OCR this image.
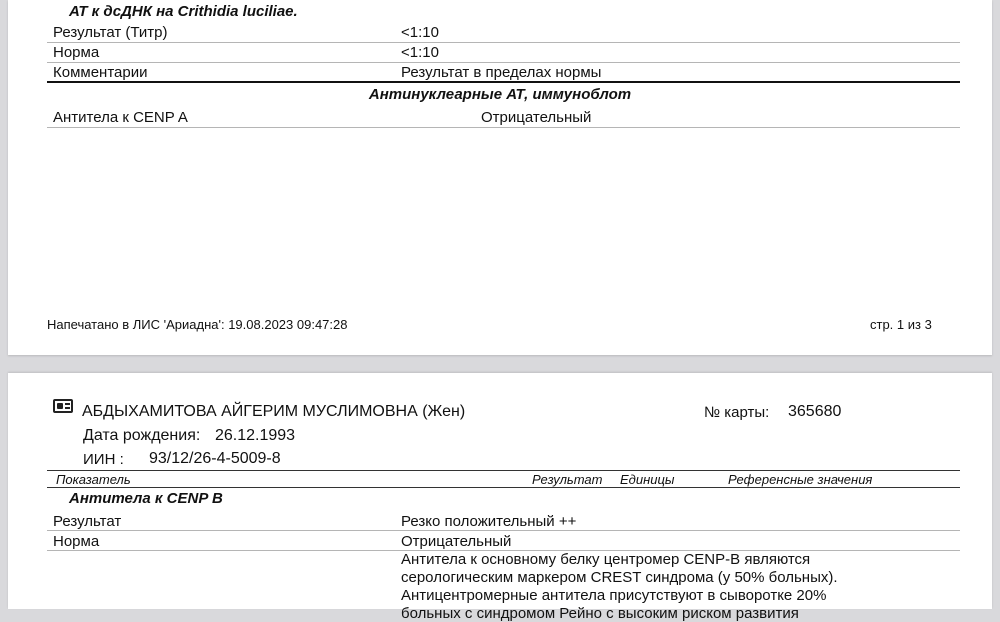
АТ к дсДНК на Crithidia luciliae.
Результат (Титр)	<1:10
Норма	<1:10
Комментарии	Результат в пределах нормы
Антинуклеарные АТ, иммуноблот
Антитела к CENP A	Отрицательный
Напечатано в ЛИС 'Ариадна': 19.08.2023 09:47:28	стр. 1 из 3
АБДЫХАМИТОВА АЙГЕРИМ МУСЛИМОВНА (Жен)	№ карты: 365680
Дата рождения: 26.12.1993
ИИН : 93/12/26-4-5009-8
Показатель	Результат Единицы	Референсные значения
Антитела к CENP B
Результат	Резко положительный ++
Норма	Отрицательный
Антитела к основному белку центромер CENP-B являются
серологическим маркером CREST синдрома (у 50% больных).
Антицентромерные антитела присутствуют в сыворотке 20%
больных с синдромом Рейно с высоким риском развития
